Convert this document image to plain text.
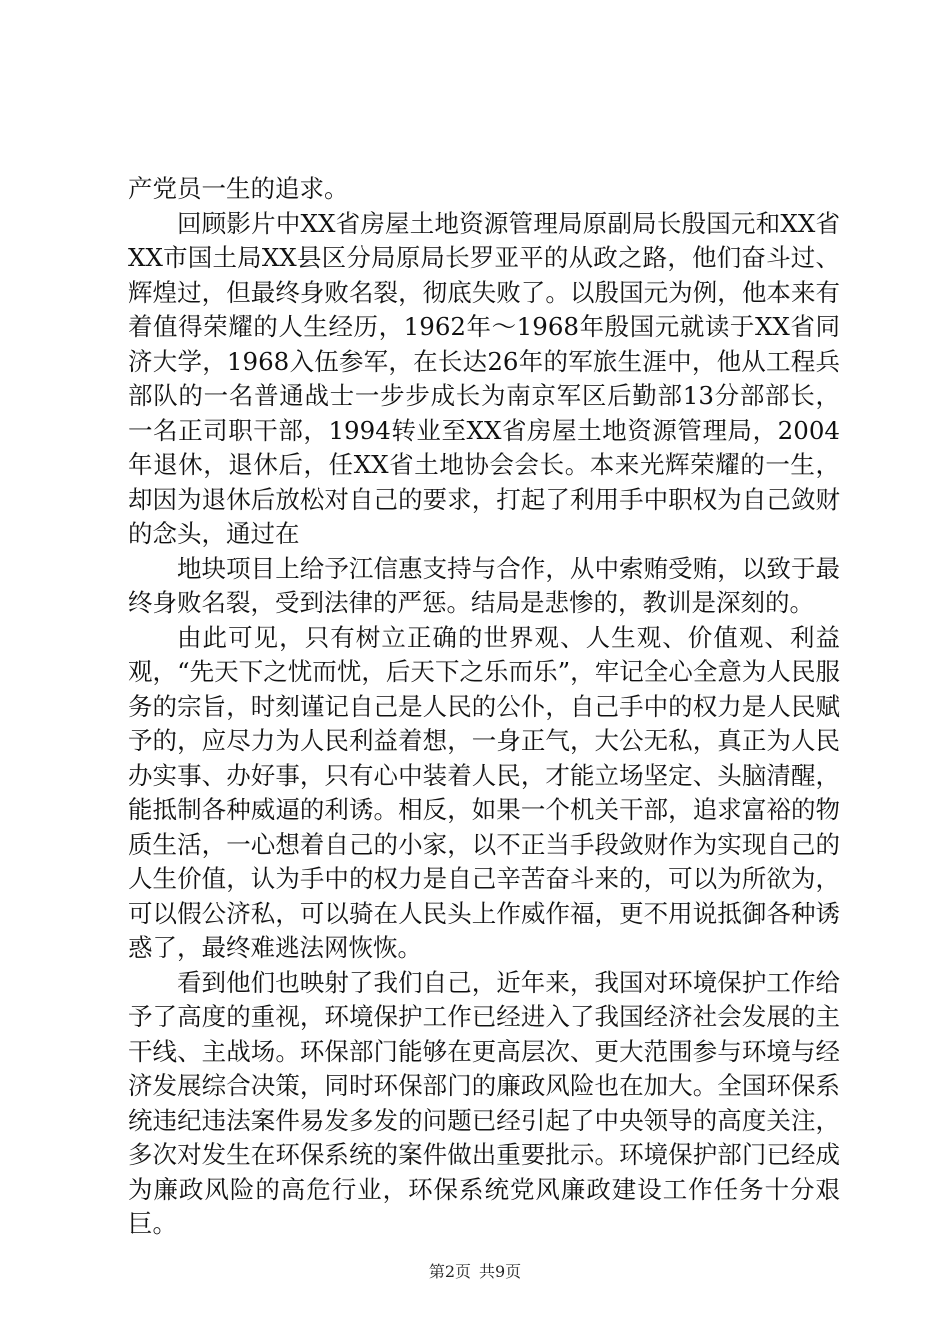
产党员一生的追求。

回顾影片中XX省房屋土地资源管理局原副局长殷国元和XX省XX市国土局XX县区分局原局长罗亚平的从政之路，他们奋斗过、辉煌过，但最终身败名裂，彻底失败了。以殷国元为例，他本来有着值得荣耀的人生经历，1962年～1968年殷国元就读于XX省同济大学，1968入伍参军，在长达26年的军旅生涯中，他从工程兵部队的一名普通战士一步步成长为南京军区后勤部13分部部长，一名正司职干部，1994转业至XX省房屋土地资源管理局，2004年退休，退休后，任XX省土地协会会长。本来光辉荣耀的一生，却因为退休后放松对自己的要求，打起了利用手中职权为自己敛财的念头，通过在

地块项目上给予江信惠支持与合作，从中索贿受贿，以致于最终身败名裂，受到法律的严惩。结局是悲惨的，教训是深刻的。

由此可见，只有树立正确的世界观、人生观、价值观、利益观，“先天下之忧而忧，后天下之乐而乐”，牢记全心全意为人民服务的宗旨，时刻谨记自己是人民的公仆，自己手中的权力是人民赋予的，应尽力为人民利益着想，一身正气，大公无私，真正为人民办实事、办好事，只有心中装着人民，才能立场坚定、头脑清醒，能抵制各种威逼的利诱。相反，如果一个机关干部，追求富裕的物质生活，一心想着自己的小家，以不正当手段敛财作为实现自己的人生价值，认为手中的权力是自己辛苦奋斗来的，可以为所欲为，可以假公济私，可以骑在人民头上作威作福，更不用说抵御各种诱惑了，最终难逃法网恢恢。

看到他们也映射了我们自己，近年来，我国对环境保护工作给予了高度的重视，环境保护工作已经进入了我国经济社会发展的主干线、主战场。环保部门能够在更高层次、更大范围参与环境与经济发展综合决策，同时环保部门的廉政风险也在加大。全国环保系统违纪违法案件易发多发的问题已经引起了中央领导的高度关注，多次对发生在环保系统的案件做出重要批示。环境保护部门已经成为廉政风险的高危行业，环保系统党风廉政建设工作任务十分艰巨。

第2页 共9页
